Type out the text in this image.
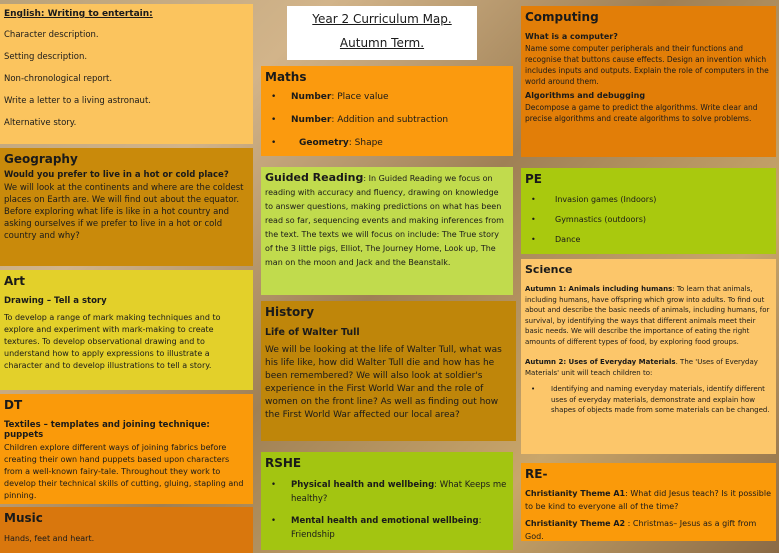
English: Writing to entertain:
• Character description.
• Setting description.
• Non-chronological report.
• Write a letter to a living astronaut.
• Alternative story.
Geography
Would you prefer to live in a hot or cold place?
We will look at the continents and where are the coldest places on Earth are. We will find out about the equator. Before exploring what life is like in a hot country and asking ourselves if we prefer to live in a hot or cold country and why?
Art
Drawing – Tell a story
To develop a range of mark making techniques and to explore and experiment with mark-making to create textures. To develop observational drawing and to understand how to apply expressions to illustrate a character and to develop illustrations to tell a story.
DT
Textiles – templates and joining technique: puppets
Children explore different ways of joining fabrics before creating their own hand puppets based upon characters from a well-known fairy-tale. Throughout they work to develop their technical skills of cutting, gluing, stapling and pinning.
Music
• Hands, feet and heart.
Year 2 Curriculum Map.
Autumn Term.
Maths
• Number: Place value
• Number: Addition and subtraction
• Geometry: Shape
Guided Reading: In Guided Reading we focus on reading with accuracy and fluency, drawing on knowledge to answer questions, making predictions on what has been read so far, sequencing events and making inferences from the text. The texts we will focus on include: The True story of the 3 little pigs, Elliot, The Journey Home, Look up, The man on the moon and Jack and the Beanstalk.
History
Life of Walter Tull
We will be looking at the life of Walter Tull, what was his life like, how did Walter Tull die and how has he been remembered? We will also look at soldier's experience in the First World War and the role of women on the front line? As well as finding out how the First World War affected our local area?
RSHE
• Physical health and wellbeing: What Keeps me healthy?
• Mental health and emotional wellbeing: Friendship
Computing
What is a computer?
Name some computer peripherals and their functions and recognise that buttons cause effects. Design an invention which includes inputs and outputs. Explain the role of computers in the world around them.
Algorithms and debugging
Decompose a game to predict the algorithms. Write clear and precise algorithms and create algorithms to solve problems.
PE
• Invasion games (Indoors)
• Gymnastics (outdoors)
• Dance
Science
Autumn 1: Animals including humans: To learn that animals, including humans, have offspring which grow into adults. To find out about and describe the basic needs of animals, including humans, for survival, by identifying the ways that different animals meet their basic needs. We will describe the importance of eating the right amounts of different types of food, by exploring food groups.
Autumn 2: Uses of Everyday Materials. The 'Uses of Everyday Materials' unit will teach children to:
• Identifying and naming everyday materials, identify different uses of everyday materials, demonstrate and explain how shapes of objects made from some materials can be changed.
RE-
Christianity Theme A1: What did Jesus teach? Is it possible to be kind to everyone all of the time?
Christianity Theme A2 : Christmas– Jesus as a gift from God.
